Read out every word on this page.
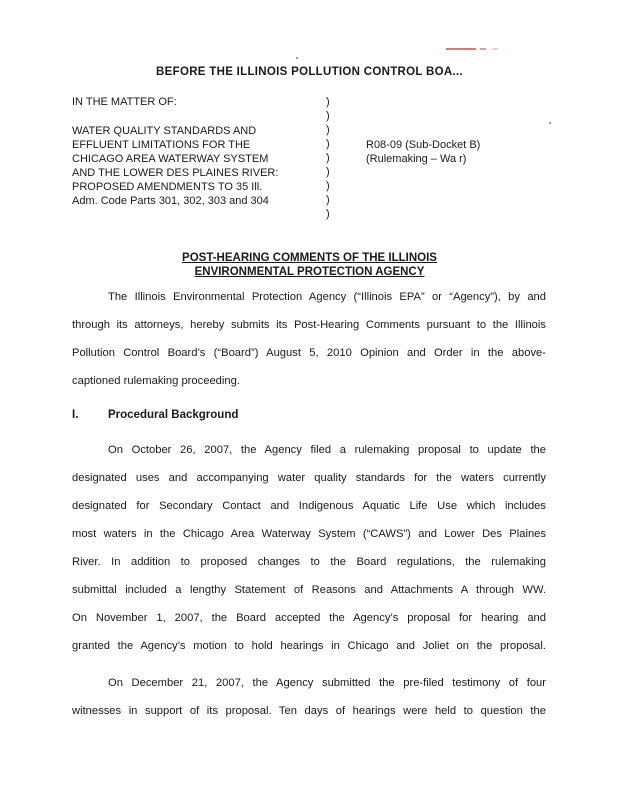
BEFORE THE ILLINOIS POLLUTION CONTROL BOA...
IN THE MATTER OF:
WATER QUALITY STANDARDS AND
EFFLUENT LIMITATIONS FOR THE
CHICAGO AREA WATERWAY SYSTEM
AND THE LOWER DES PLAINES RIVER:
PROPOSED AMENDMENTS TO 35 Ill.
Adm. Code Parts 301, 302, 303 and 304
)
)
)
)
)
)
)
)
)
R08-09 (Sub-Docket B)
(Rulemaking – Wa r)
POST-HEARING COMMENTS OF THE ILLINOIS
ENVIRONMENTAL PROTECTION AGENCY
The Illinois Environmental Protection Agency (“Illinois EPA” or “Agency”), by and
through its attorneys, hereby submits its Post-Hearing Comments pursuant to the Illinois
Pollution Control Board’s (“Board”) August 5, 2010 Opinion and Order in the above-
captioned rulemaking proceeding.
I.	Procedural Background
On October 26, 2007, the Agency filed a rulemaking proposal to update the
designated uses and accompanying water quality standards for the waters currently
designated for Secondary Contact and Indigenous Aquatic Life Use which includes
most waters in the Chicago Area Waterway System (“CAWS”) and Lower Des Plaines
River. In addition to proposed changes to the Board regulations, the rulemaking
submittal included a lengthy Statement of Reasons and Attachments A through WW.
On November 1, 2007, the Board accepted the Agency’s proposal for hearing and
granted the Agency’s motion to hold hearings in Chicago and Joliet on the proposal.
On December 21, 2007, the Agency submitted the pre-filed testimony of four
witnesses in support of its proposal. Ten days of hearings were held to question the
